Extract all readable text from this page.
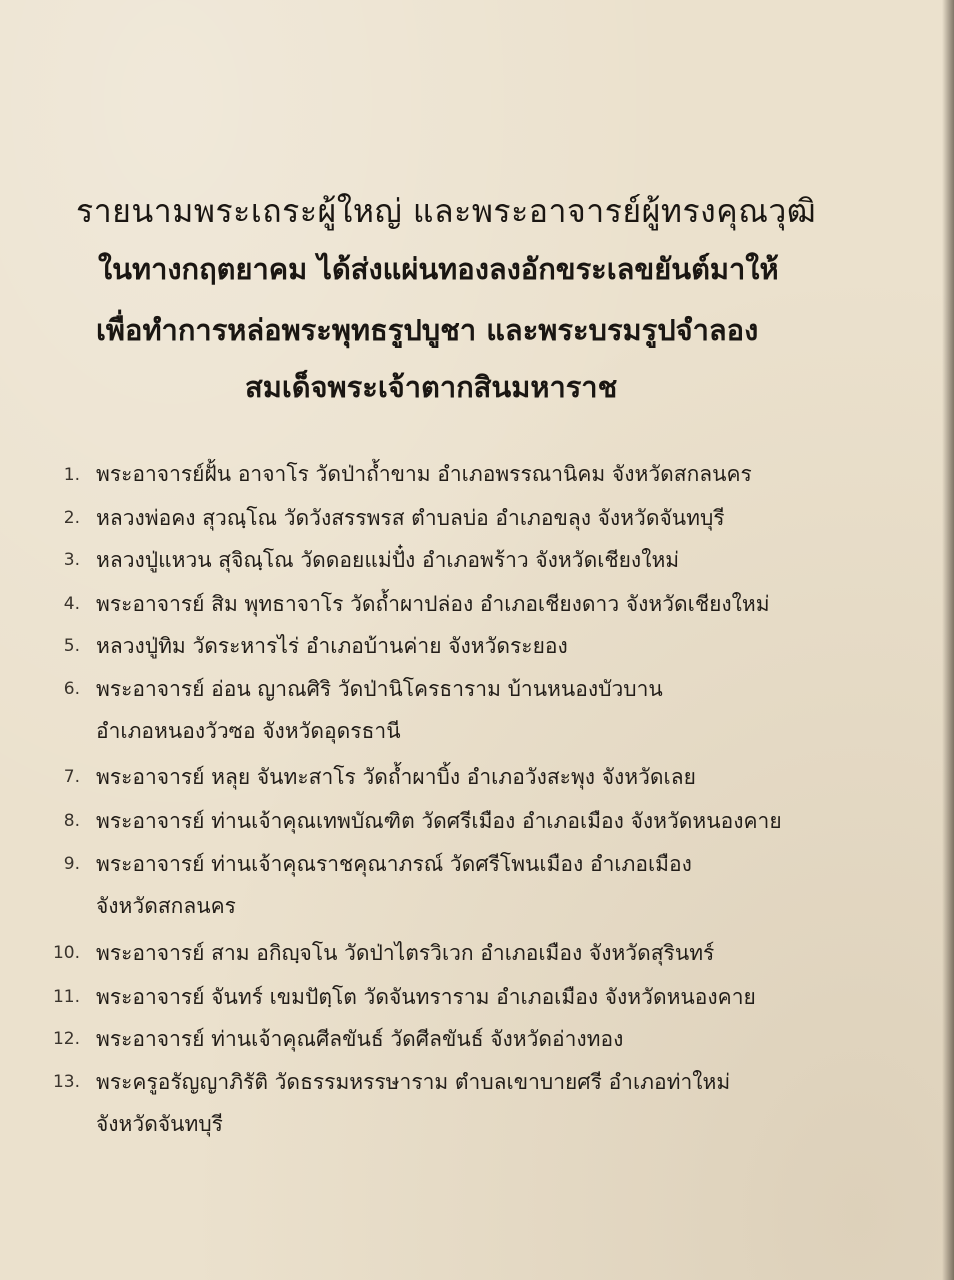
รายนามพระเถระผู้ใหญ่ และพระอาจารย์ผู้ทรงคุณวุฒิ
ในทางกฤตยาคม ได้ส่งแผ่นทองลงอักขระเลขยันต์มาให้
เพื่อทำการหล่อพระพุทธรูปบูชา และพระบรมรูปจำลอง
สมเด็จพระเจ้าตากสินมหาราช
1. พระอาจารย์ฝั้น อาจาโร วัดป่าถ้ำขาม อำเภอพรรณานิคม จังหวัดสกลนคร
2. หลวงพ่อคง สุวณฺโณ วัดวังสรรพรส ตำบลบ่อ อำเภอขลุง จังหวัดจันทบุรี
3. หลวงปู่แหวน สุจิณฺโณ วัดดอยแม่ปั๋ง อำเภอพร้าว จังหวัดเชียงใหม่
4. พระอาจารย์ สิม พุทธาจาโร วัดถ้ำผาปล่อง อำเภอเชียงดาว จังหวัดเชียงใหม่
5. หลวงปู่ทิม วัดระหารไร่ อำเภอบ้านค่าย จังหวัดระยอง
6. พระอาจารย์ อ่อน ญาณศิริ วัดป่านิโครธาราม บ้านหนองบัวบาน
อำเภอหนองวัวซอ จังหวัดอุดรธานี
7. พระอาจารย์ หลุย จันทะสาโร วัดถ้ำผาบิ้ง อำเภอวังสะพุง จังหวัดเลย
8. พระอาจารย์ ท่านเจ้าคุณเทพบัณฑิต วัดศรีเมือง อำเภอเมือง จังหวัดหนองคาย
9. พระอาจารย์ ท่านเจ้าคุณราชคุณาภรณ์ วัดศรีโพนเมือง อำเภอเมือง
จังหวัดสกลนคร
10. พระอาจารย์ สาม อกิญฺจโน วัดป่าไตรวิเวก อำเภอเมือง จังหวัดสุรินทร์
11. พระอาจารย์ จันทร์ เขมปัตฺโต วัดจันทราราม อำเภอเมือง จังหวัดหนองคาย
12. พระอาจารย์ ท่านเจ้าคุณศีลขันธ์ วัดศีลขันธ์ จังหวัดอ่างทอง
13. พระครูอรัญญาภิรัติ วัดธรรมหรรษาราม ตำบลเขาบายศรี อำเภอท่าใหม่
จังหวัดจันทบุรี
